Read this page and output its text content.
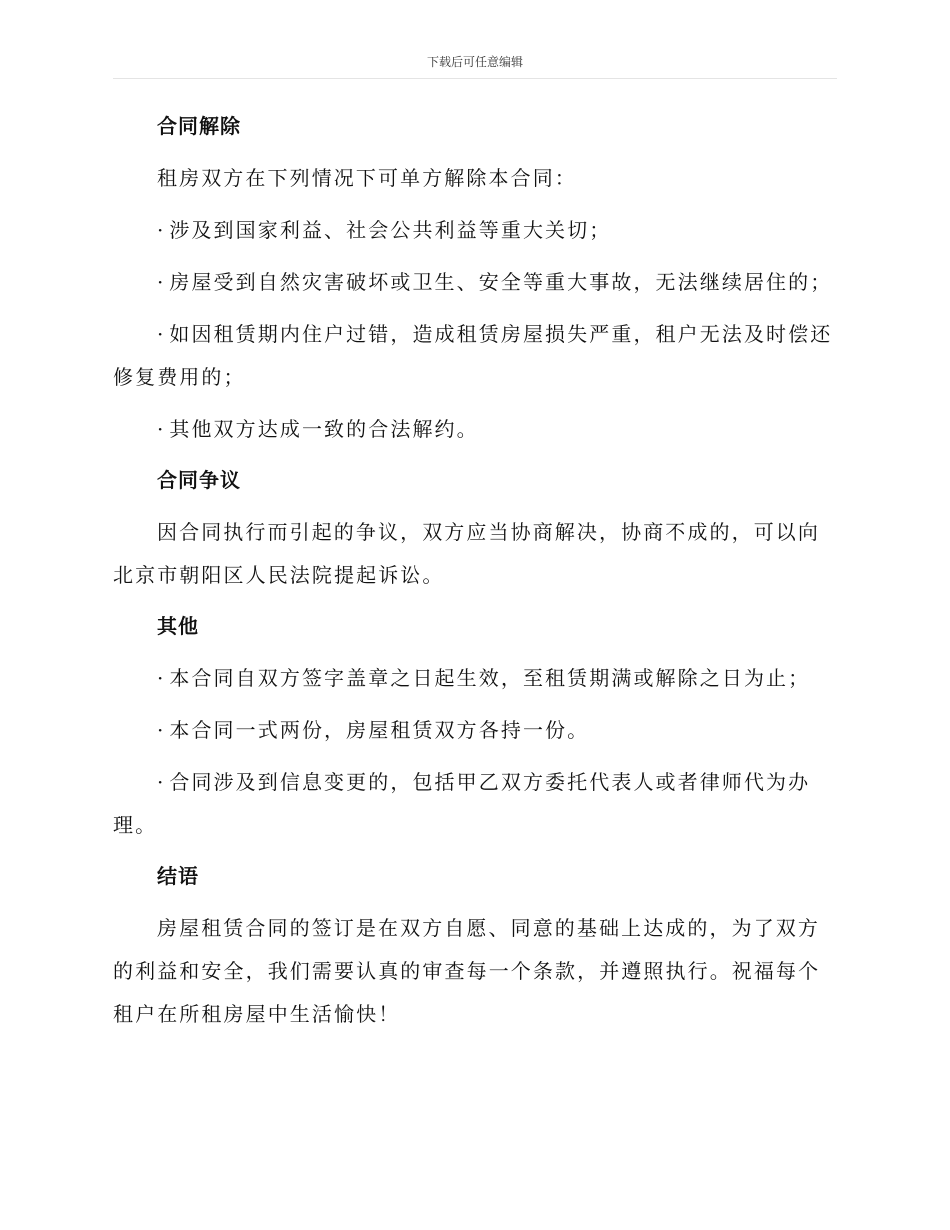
下载后可任意编辑
合同解除

租房双方在下列情况下可单方解除本合同：

· 涉及到国家利益、社会公共利益等重大关切；

· 房屋受到自然灾害破坏或卫生、安全等重大事故，无法继续居住的；

· 如因租赁期内住户过错，造成租赁房屋损失严重，租户无法及时偿还修复费用的；

· 其他双方达成一致的合法解约。

合同争议

因合同执行而引起的争议，双方应当协商解决，协商不成的，可以向北京市朝阳区人民法院提起诉讼。

其他

· 本合同自双方签字盖章之日起生效，至租赁期满或解除之日为止；

· 本合同一式两份，房屋租赁双方各持一份。

· 合同涉及到信息变更的，包括甲乙双方委托代表人或者律师代为办理。

结语

房屋租赁合同的签订是在双方自愿、同意的基础上达成的，为了双方的利益和安全，我们需要认真的审查每一个条款，并遵照执行。祝福每个租户在所租房屋中生活愉快！
